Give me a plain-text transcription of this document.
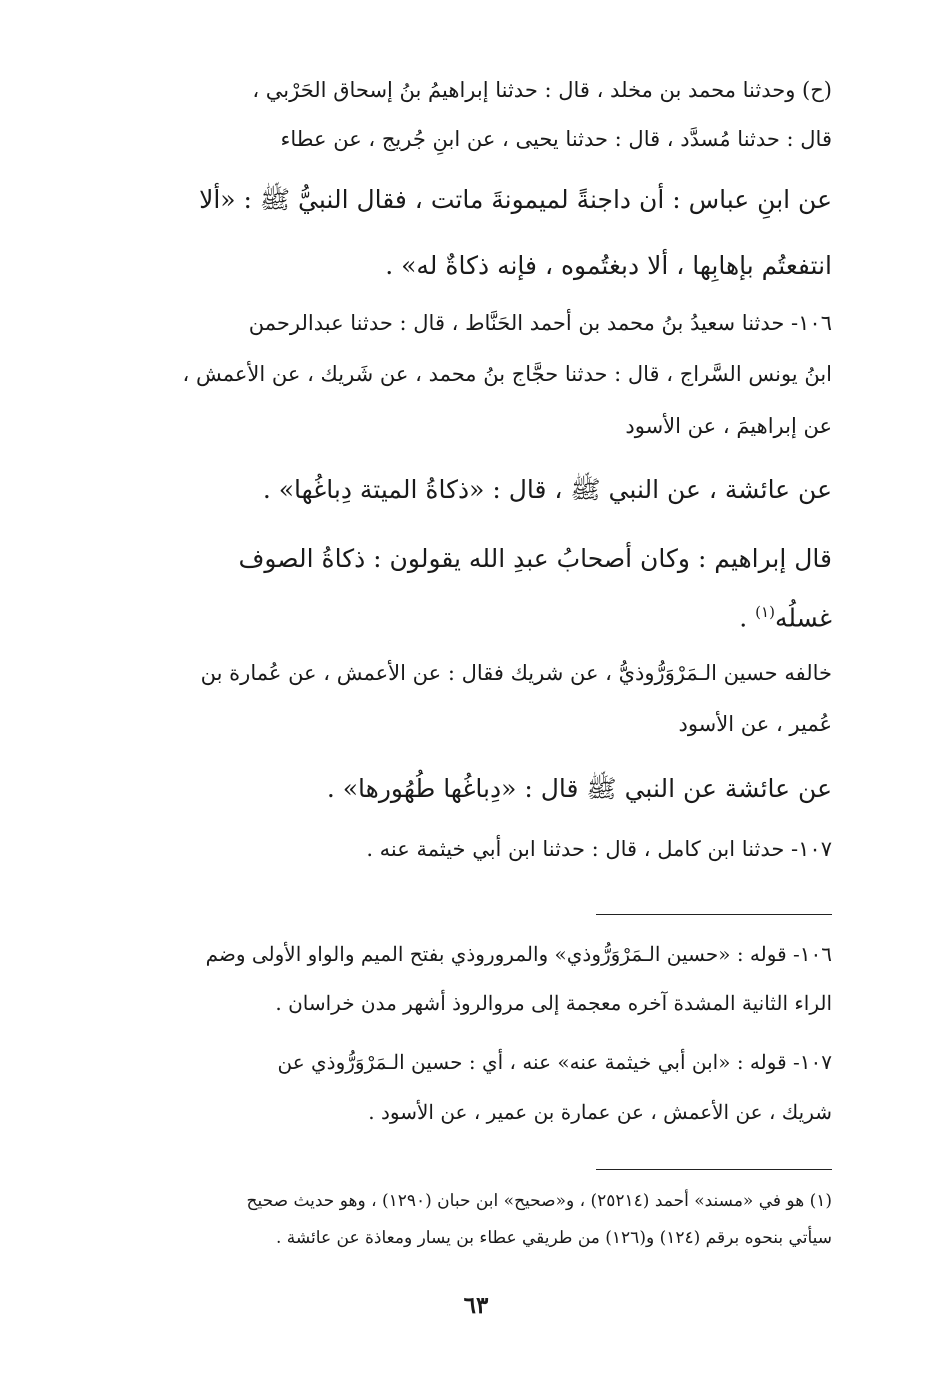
(ح) وحدثنا محمد بن مخلد ، قال : حدثنا إبراهيمُ بنُ إسحاق الحَرْبي ،

قال : حدثنا مُسدَّد ، قال : حدثنا يحيى ، عن ابنِ جُريج ، عن عطاء

عن ابنِ عباس : أن داجنةً لميمونةَ ماتت ، فقال النبيُّ ﷺ : «ألا

انتفعتُم بإهابِها ، ألا دبغتُموه ، فإنه ذكاةٌ له» .

١٠٦- حدثنا سعيدُ بنُ محمد بن أحمد الحَنَّاط ، قال : حدثنا عبدالرحمن

ابنُ يونس السَّراج ، قال : حدثنا حجَّاج بنُ محمد ، عن شَريك ، عن الأعمش ،

عن إبراهيمَ ، عن الأسود

عن عائشة ، عن النبي ﷺ ، قال : «ذكاةُ الميتة دِباغُها» .

قال إبراهيم : وكان أصحابُ عبدِ الله يقولون : ذكاةُ الصوف

غسلُه$^{(١)}$ .

خالفه حسين الـمَرْوَرُّوذيُّ ، عن شريك فقال : عن الأعمش ، عن عُمارة بن

عُمير ، عن الأسود

عن عائشة عن النبي ﷺ قال : «دِباغُها طُهُورها» .

١٠٧- حدثنا ابن كامل ، قال : حدثنا ابن أبي خيثمة عنه .

١٠٦- قوله : «حسين الـمَرْوَرُّوذي» والمروروذي بفتح الميم والواو الأولى وضم

الراء الثانية المشدة آخره معجمة إلى مروالروذ أشهر مدن خراسان .

١٠٧- قوله : «ابن أبي خيثمة عنه» عنه ، أي : حسين الـمَرْوَرُّوذي عن

شريك ، عن الأعمش ، عن عمارة بن عمير ، عن الأسود .

(١) هو في «مسند» أحمد (٢٥٢١٤) ، و«صحيح» ابن حبان (١٢٩٠) ، وهو حديث صحيح

سيأتي بنحوه برقم (١٢٤) و(١٢٦) من طريقي عطاء بن يسار ومعاذة عن عائشة .

٦٣
